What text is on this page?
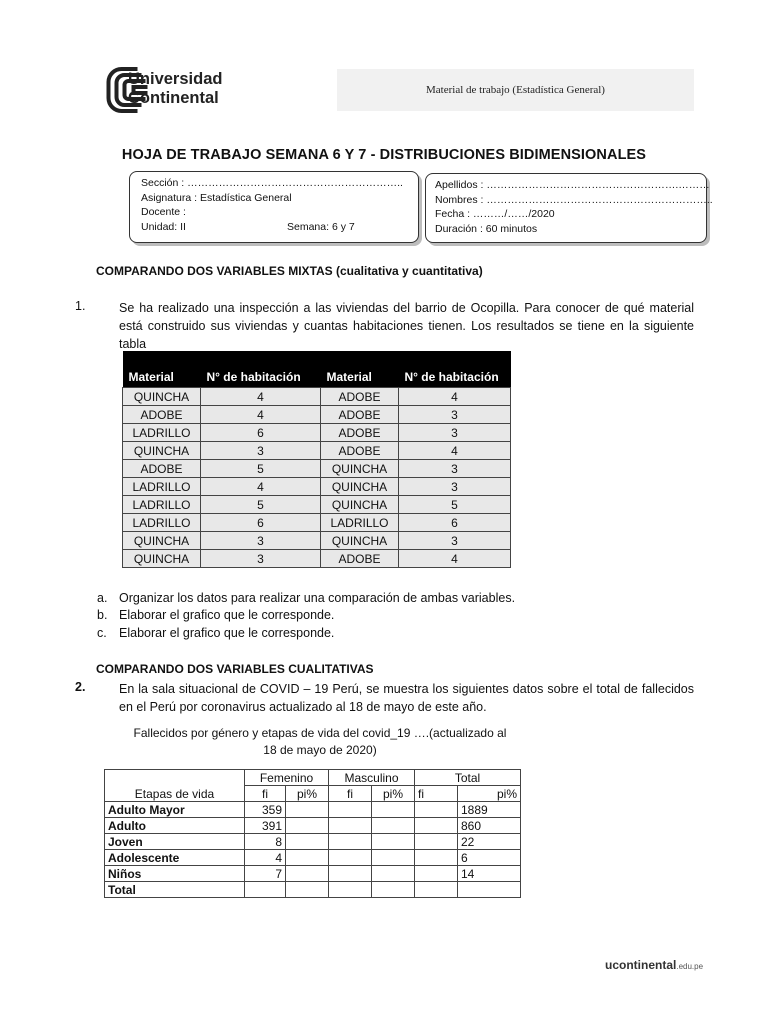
Universidad
Continental	Material de trabajo (Estadística General)
HOJA DE TRABAJO SEMANA 6 Y 7 - DISTRIBUCIONES BIDIMENSIONALES
Sección : ……………………………………………………..
Asignatura : Estadística General
Docente :
Unidad: II	Semana: 6 y 7
Apellidos : ……………………………………………….………
Nombres : ………………………………………………………..
Fecha : ………/……/2020
Duración : 60 minutos
COMPARANDO DOS VARIABLES MIXTAS (cualitativa y cuantitativa)
1.	Se ha realizado una inspección a las viviendas del barrio de Ocopilla. Para conocer de qué material está construido sus viviendas y cuantas habitaciones tienen. Los resultados se tiene en la siguiente tabla
Material	N° de habitación	Material	N° de habitación
QUINCHA	4	ADOBE	4
ADOBE	4	ADOBE	3
LADRILLO	6	ADOBE	3
QUINCHA	3	ADOBE	4
ADOBE	5	QUINCHA	3
LADRILLO	4	QUINCHA	3
LADRILLO	5	QUINCHA	5
LADRILLO	6	LADRILLO	6
QUINCHA	3	QUINCHA	3
QUINCHA	3	ADOBE	4
a. Organizar los datos para realizar una comparación de ambas variables.
b. Elaborar el grafico que le corresponde.
c. Elaborar el grafico que le corresponde.
COMPARANDO DOS VARIABLES CUALITATIVAS
2.	En la sala situacional de COVID – 19 Perú, se muestra los siguientes datos sobre el total de fallecidos en el Perú por coronavirus actualizado al 18 de mayo de este año.
Fallecidos por género y etapas de vida del covid_19 ….(actualizado al
18 de mayo de 2020)
Etapas de vida	Femenino		Masculino		Total	
	fi	pi%	fi	pi%	fi	pi%
Adulto Mayor	359					1889
Adulto	391					860
Joven	8					22
Adolescente	4					6
Niños	7					14
Total						
ucontinental.edu.pe
